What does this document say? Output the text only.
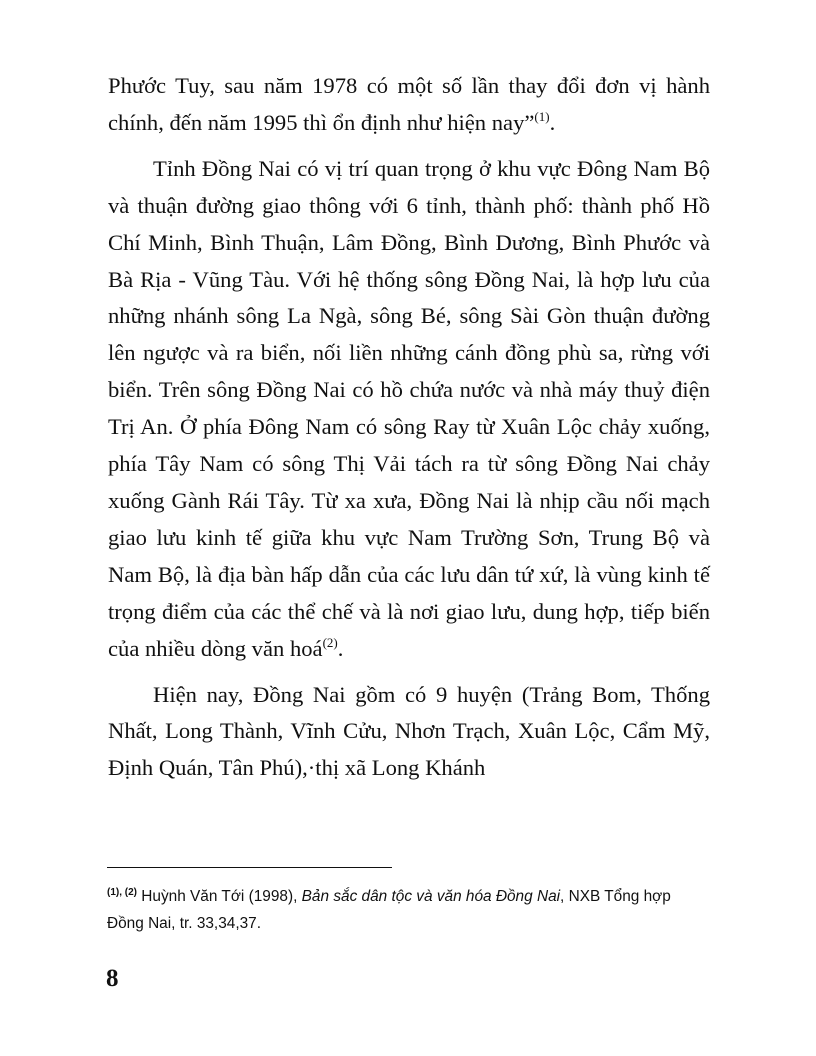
Phước Tuy, sau năm 1978 có một số lần thay đổi đơn vị hành chính, đến năm 1995 thì ổn định như hiện nay”$^{(1)}$.

Tỉnh Đồng Nai có vị trí quan trọng ở khu vực Đông Nam Bộ và thuận đường giao thông với 6 tỉnh, thành phố: thành phố Hồ Chí Minh, Bình Thuận, Lâm Đồng, Bình Dương, Bình Phước và Bà Rịa - Vũng Tàu. Với hệ thống sông Đồng Nai, là hợp lưu của những nhánh sông La Ngà, sông Bé, sông Sài Gòn thuận đường lên ngược và ra biển, nối liền những cánh đồng phù sa, rừng với biển. Trên sông Đồng Nai có hồ chứa nước và nhà máy thuỷ điện Trị An. Ở phía Đông Nam có sông Ray từ Xuân Lộc chảy xuống, phía Tây Nam có sông Thị Vải tách ra từ sông Đồng Nai chảy xuống Gành Rái Tây. Từ xa xưa, Đồng Nai là nhịp cầu nối mạch giao lưu kinh tế giữa khu vực Nam Trường Sơn, Trung Bộ và Nam Bộ, là địa bàn hấp dẫn của các lưu dân tứ xứ, là vùng kinh tế trọng điểm của các thể chế và là nơi giao lưu, dung hợp, tiếp biến của nhiều dòng văn hoá$^{(2)}$.

Hiện nay, Đồng Nai gồm có 9 huyện (Trảng Bom, Thống Nhất, Long Thành, Vĩnh Cửu, Nhơn Trạch, Xuân Lộc, Cẩm Mỹ, Định Quán, Tân Phú),·thị xã Long Khánh

$^{(1), (2)}$ Huỳnh Văn Tới (1998), Bản sắc dân tộc và văn hóa Đồng Nai, NXB Tổng hợp Đồng Nai, tr. 33,34,37.

8
